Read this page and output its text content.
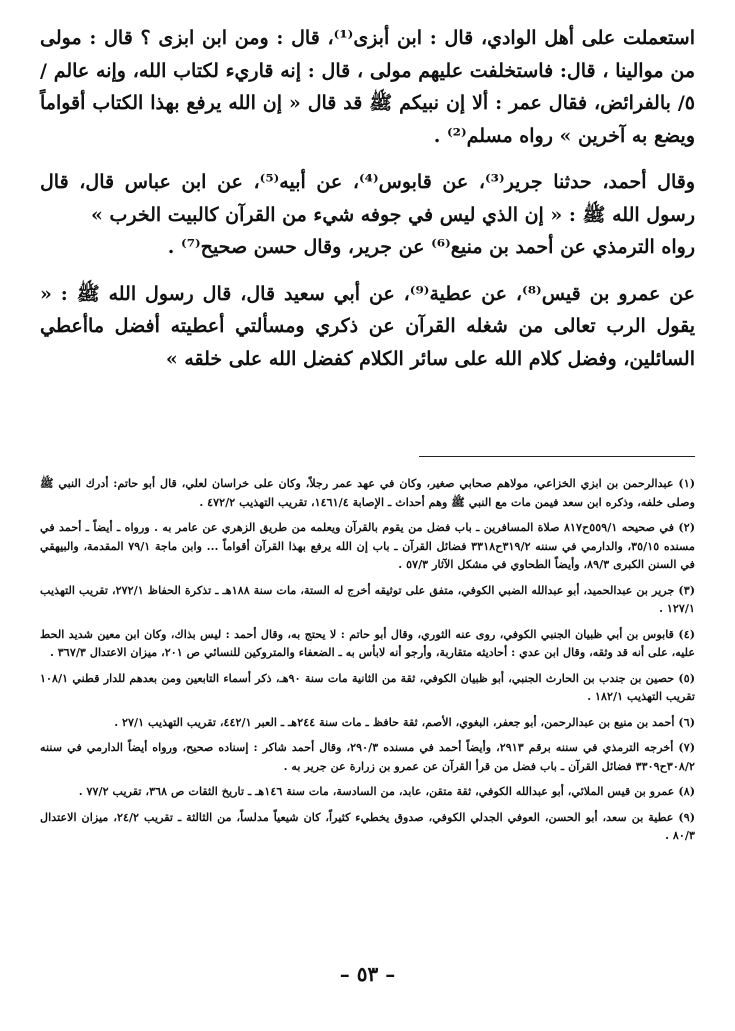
استعملت على أهل الوادي، قال : ابن أبزى⁽¹⁾، قال : ومن ابن ابزى ؟ قال : مولى من موالينا ، قال: فاستخلفت عليهم مولى ، قال : إنه قاريء لكتاب الله، وإنه عالم /٥/ بالفرائض، فقال عمر : ألا إن نبيكم ﷺ قد قال « إن الله يرفع بهذا الكتاب أقواماً ويضع به آخرين » رواه مسلم⁽²⁾ .

وقال أحمد، حدثنا جرير⁽³⁾، عن قابوس⁽⁴⁾، عن أبيه⁽⁵⁾، عن ابن عباس قال، قال رسول الله ﷺ : « إن الذي ليس في جوفه شيء من القرآن كالبيت الخرب »

رواه الترمذي عن أحمد بن منيع⁽⁶⁾ عن جرير، وقال حسن صحيح⁽⁷⁾ .

عن عمرو بن قيس⁽⁸⁾، عن عطية⁽⁹⁾، عن أبي سعيد قال، قال رسول الله ﷺ : « يقول الرب تعالى من شغله القرآن عن ذكري ومسألتي أعطيته أفضل ماأعطي السائلين، وفضل كلام الله على سائر الكلام كفضل الله على خلقه »

(١) عبدالرحمن بن ابزي الخزاعي، مولاهم صحابي صغير، وكان في عهد عمر رجلاً، وكان على خراسان لعلي، قال أبو حاتم: أدرك النبي ﷺ وصلى خلفه، وذكره ابن سعد فيمن مات مع النبي ﷺ وهم أحداث ـ الإصابة ١٤٦١/٤، تقريب التهذيب ٤٧٢/٢ .

(٢) في صحيحه ٥٥٩/١ح٨١٧ صلاة المسافرين ـ باب فضل من يقوم بالقرآن ويعلمه من طريق الزهري عن عامر به . ورواه ـ أيضاً ـ أحمد في مسنده ٣٥/١٥، والدارمي في سننه ٣١٩/٢ح٣٣١٨ فضائل القرآن ـ باب إن الله يرفع بهذا القرآن أقواماً ... وابن ماجة ٧٩/١ المقدمة، والبيهقي في السنن الكبرى ٨٩/٣، وأيضاً الطحاوي في مشكل الآثار ٥٧/٣ .

(٣) جرير بن عبدالحميد، أبو عبدالله الضبي الكوفي، متفق على توثيقه أخرج له الستة، مات سنة ١٨٨هـ ـ تذكرة الحفاظ ٢٧٢/١، تقريب التهذيب ١٢٧/١ .

(٤) قابوس بن أبي ظبيان الجنبي الكوفي، روى عنه الثوري، وقال أبو حاتم : لا يحتج به، وقال أحمد : ليس بذاك، وكان ابن معين شديد الحط عليه، على أنه قد وثقه، وقال ابن عدي : أحاديثه متقاربة، وأرجو أنه لابأس به ـ الضعفاء والمتروكين للنسائي ص ٢٠١، ميزان الاعتدال ٣٦٧/٣ .

(٥) حصين بن جندب بن الحارث الجنبي، أبو ظبيان الكوفي، ثقة من الثانية مات سنة ٩٠هـ، ذكر أسماء التابعين ومن بعدهم للدار قطني ١٠٨/١ تقريب التهذيب ١٨٢/١ .

(٦) أحمد بن منيع بن عبدالرحمن، أبو جعفر، البغوي، الأصم، ثقة حافظ ـ مات سنة ٢٤٤هـ ـ العبر ٤٤٢/١، تقريب التهذيب ٢٧/١ .

(٧) أخرجه الترمذي في سننه برقم ٢٩١٣، وأيضاً أحمد في مسنده ٢٩٠/٣، وقال أحمد شاكر : إسناده صحيح، ورواه أيضاً الدارمي في سننه ٣٠٨/٢ح٣٣٠٩ فضائل القرآن ـ باب فضل من قرأ القرآن عن عمرو بن زرارة عن جرير به .

(٨) عمرو بن قيس الملائي، أبو عبدالله الكوفي، ثقة متقن، عابد، من السادسة، مات سنة ١٤٦هـ ـ تاريخ الثقات ص ٣٦٨، تقريب ٧٧/٢ .

(٩) عطية بن سعد، أبو الحسن، العوفي الجدلي الكوفي، صدوق يخطيء كثيراً، كان شيعياً مدلساً، من الثالثة ـ تقريب ٢٤/٢، ميزان الاعتدال ٨٠/٣ .

– ٥٣ –
